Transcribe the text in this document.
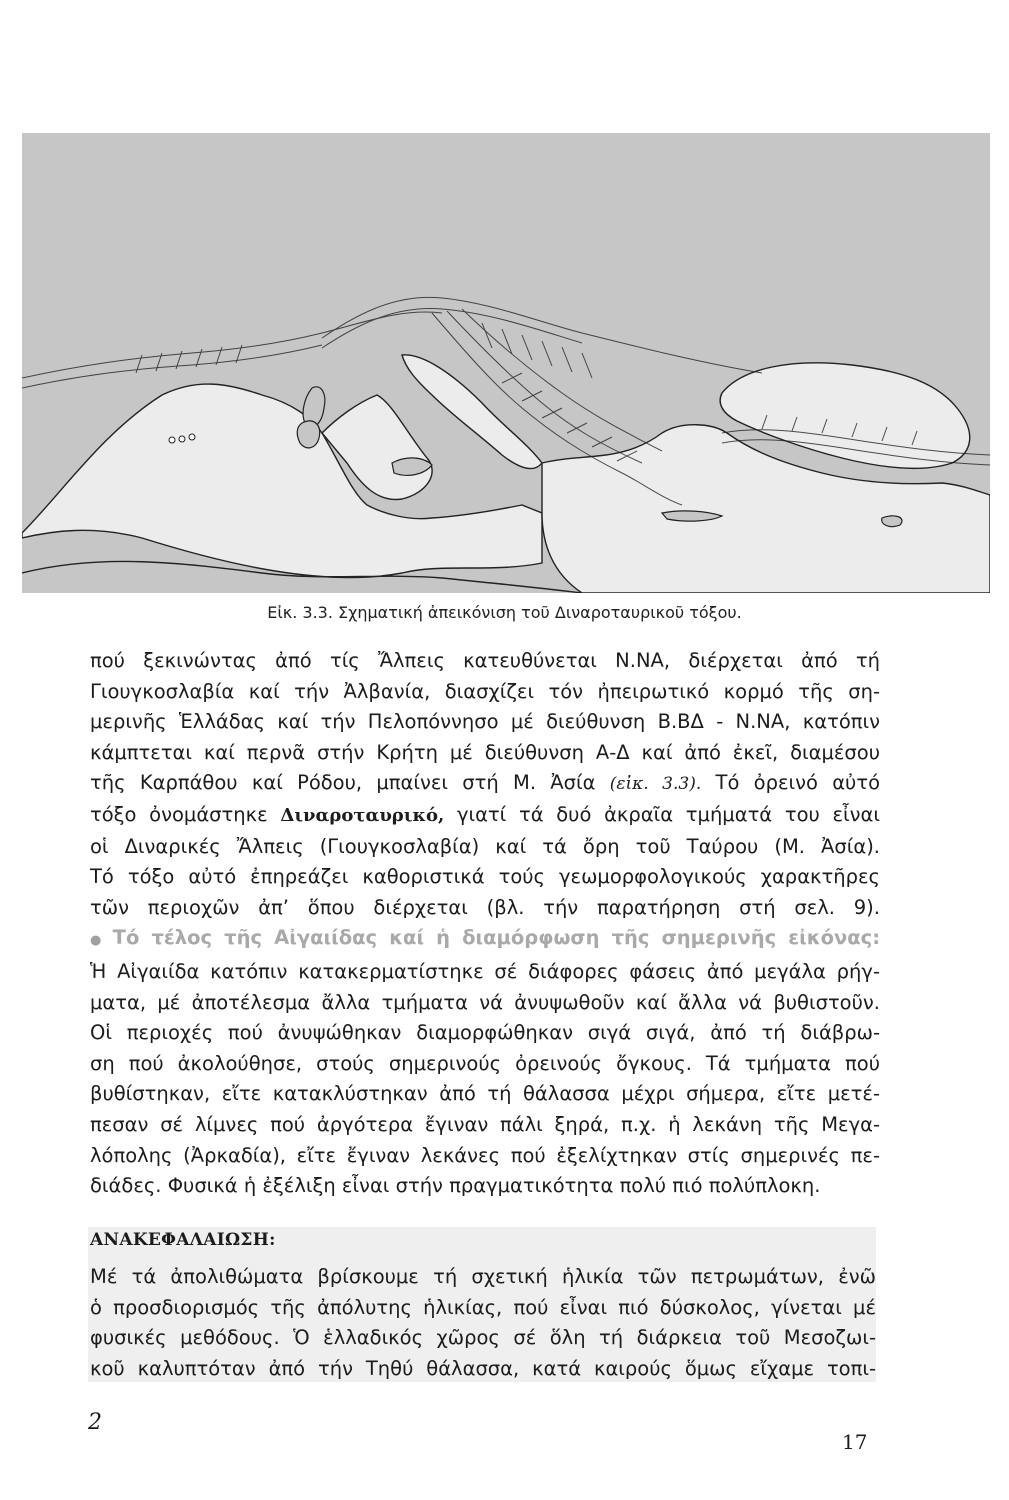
Εἰκ. 3.3. Σχηματική ἀπεικόνιση τοῦ Διναροταυρικοῦ τόξου.
πού ξεκινώντας ἀπό τίς Ἄλπεις κατευθύνεται Ν.ΝΑ, διέρχεται ἀπό τή
Γιουγκοσλαβία καί τήν Ἀλβανία, διασχίζει τόν ἠπειρωτικό κορμό τῆς ση-
μερινῆς Ἑλλάδας καί τήν Πελοπόννησο μέ διεύθυνση Β.ΒΔ - Ν.ΝΑ, κατόπιν
κάμπτεται καί περνᾶ στήν Κρήτη μέ διεύθυνση Α-Δ καί ἀπό ἐκεῖ, διαμέσου
τῆς Καρπάθου καί Ρόδου, μπαίνει στή Μ. Ἀσία (εἰκ. 3.3). Τό ὀρεινό αὐτό
τόξο ὀνομάστηκε Διναροταυρικό, γιατί τά δυό ἀκραῖα τμήματά του εἶναι
οἱ Διναρικές Ἄλπεις (Γιουγκοσλαβία) καί τά ὄρη τοῦ Ταύρου (Μ. Ἀσία).
Τό τόξο αὐτό ἐπηρεάζει καθοριστικά τούς γεωμορφολογικούς χαρακτῆρες
τῶν περιοχῶν ἀπ’ ὅπου διέρχεται (βλ. τήν παρατήρηση στή σελ. 9).
● Τό τέλος τῆς Αἰγαιίδας καί ἡ διαμόρφωση τῆς σημερινῆς εἰκόνας:
Ἡ Αἰγαιίδα κατόπιν κατακερματίστηκε σέ διάφορες φάσεις ἀπό μεγάλα ρήγ-
ματα, μέ ἀποτέλεσμα ἄλλα τμήματα νά ἀνυψωθοῦν καί ἄλλα νά βυθιστοῦν.
Οἱ περιοχές πού ἀνυψώθηκαν διαμορφώθηκαν σιγά σιγά, ἀπό τή διάβρω-
ση πού ἀκολούθησε, στούς σημερινούς ὀρεινούς ὄγκους. Τά τμήματα πού
βυθίστηκαν, εἴτε κατακλύστηκαν ἀπό τή θάλασσα μέχρι σήμερα, εἴτε μετέ-
πεσαν σέ λίμνες πού ἀργότερα ἔγιναν πάλι ξηρά, π.χ. ἡ λεκάνη τῆς Μεγα-
λόπολης (Ἀρκαδία), εἴτε ἔγιναν λεκάνες πού ἐξελίχτηκαν στίς σημερινές πε-
διάδες. Φυσικά ἡ ἐξέλιξη εἶναι στήν πραγματικότητα πολύ πιό πολύπλοκη.
ΑΝΑΚΕΦΑΛΑΙΩΣΗ:
Μέ τά ἀπολιθώματα βρίσκουμε τή σχετική ἡλικία τῶν πετρωμάτων, ἐνῶ
ὁ προσδιορισμός τῆς ἀπόλυτης ἡλικίας, πού εἶναι πιό δύσκολος, γίνεται μέ
φυσικές μεθόδους. Ὁ ἑλλαδικός χῶρος σέ ὅλη τή διάρκεια τοῦ Μεσοζωι-
κοῦ καλυπτόταν ἀπό τήν Τηθύ θάλασσα, κατά καιρούς ὅμως εἴχαμε τοπι-
2
17
